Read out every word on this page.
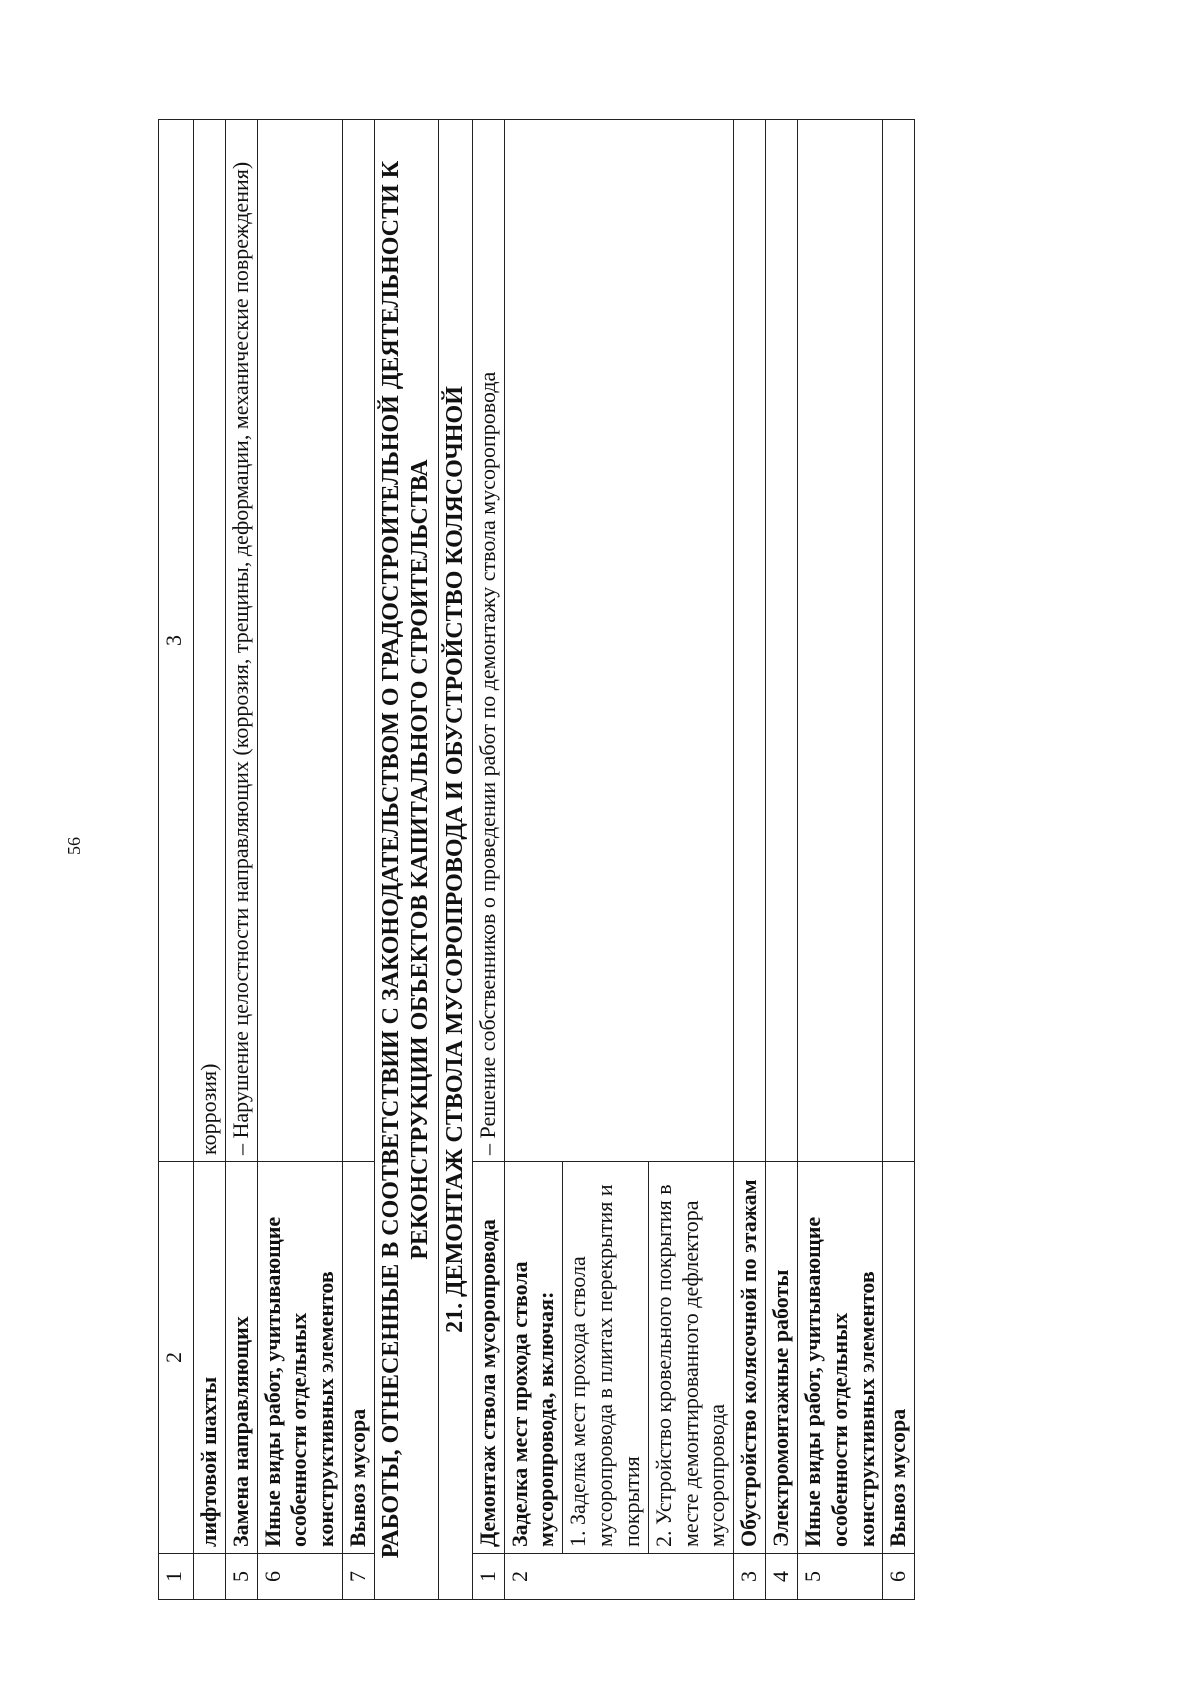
56
1	2	3
	лифтовой шахты	коррозия)
5	Замена направляющих	– Нарушение целостности направляющих (коррозия, трещины, деформации, механические повреждения)
6	Иные виды работ, учитывающие особенности отдельных конструктивных элементов	
7	Вывоз мусора	
РАБОТЫ, ОТНЕСЕННЫЕ В СООТВЕТСТВИИ С ЗАКОНОДАТЕЛЬСТВОМ О ГРАДОСТРОИТЕЛЬНОЙ ДЕЯТЕЛЬНОСТИ К РЕКОНСТРУКЦИИ ОБЪЕКТОВ КАПИТАЛЬНОГО СТРОИТЕЛЬСТВА		
21. ДЕМОНТАЖ СТВОЛА МУСОРОПРОВОДА И ОБУСТРОЙСТВО КОЛЯСОЧНОЙ		
1	Демонтаж ствола мусоропровода	– Решение собственников о проведении работ по демонтажу ствола мусоропровода
2	Заделка мест прохода ствола мусоропровода, включая:	
	1. Заделка мест прохода ствола мусоропровода в плитах перекрытия и покрытия	
	2. Устройство кровельного покрытия в месте демонтированного дефлектора мусоропровода	
3	Обустройство колясочной по этажам	
4	Электромонтажные работы	
5	Иные виды работ, учитывающие особенности отдельных конструктивных элементов	
6	Вывоз мусора	
